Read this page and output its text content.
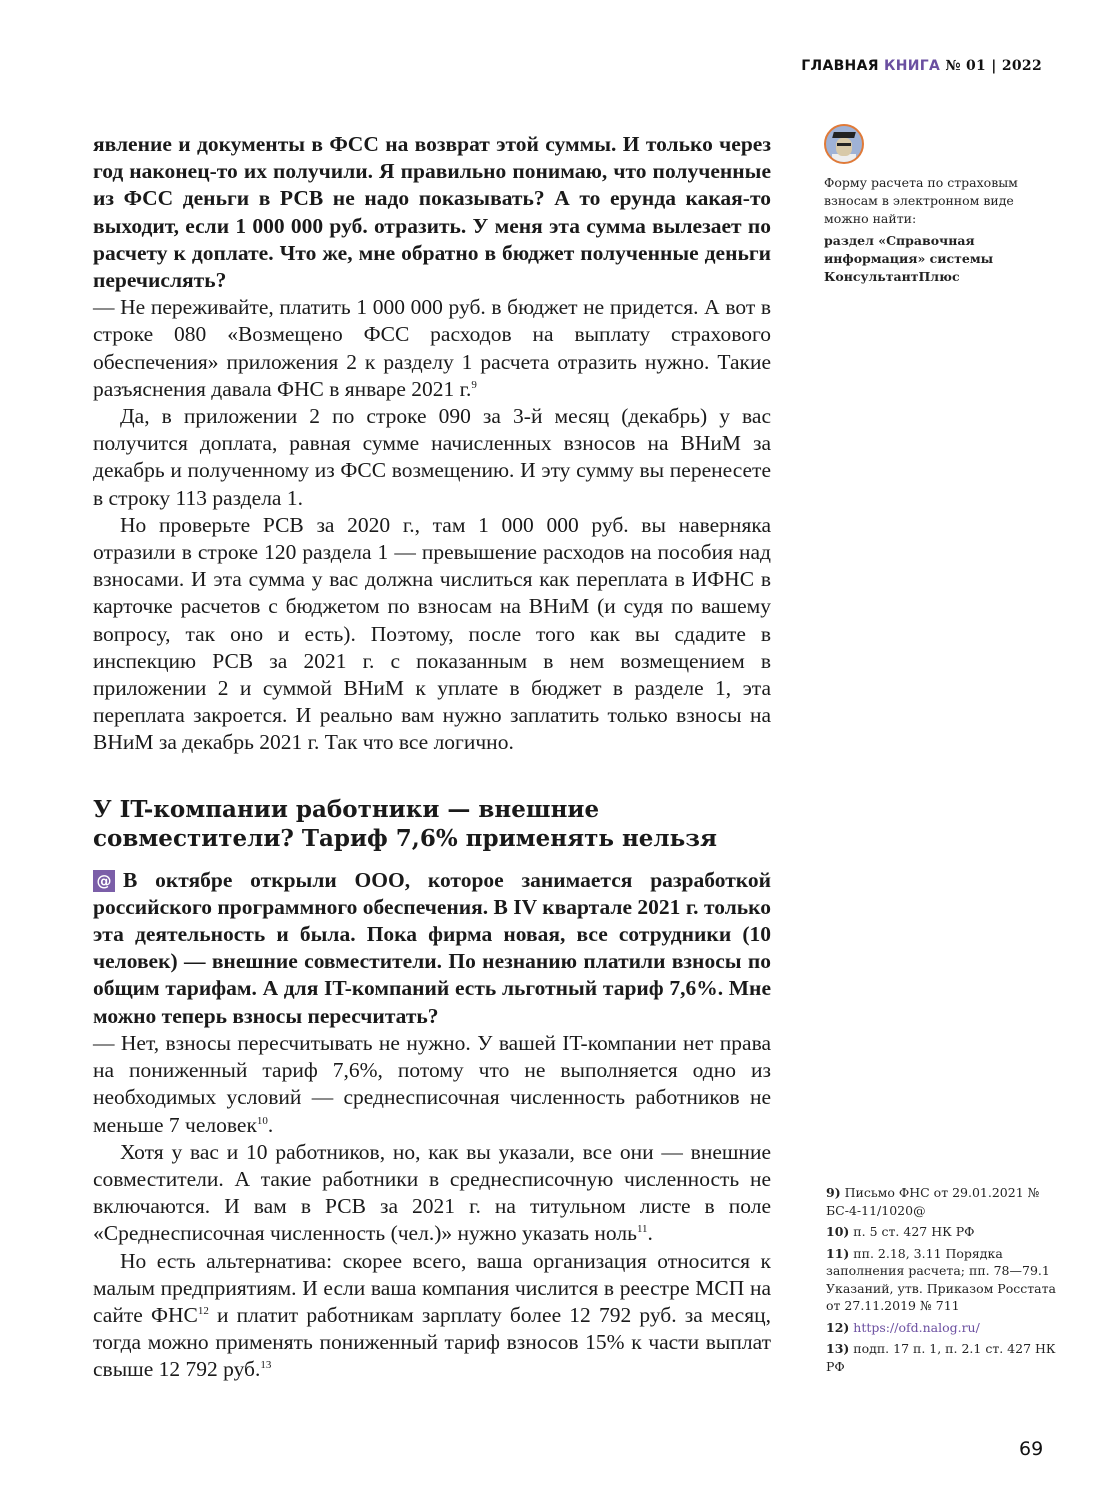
ГЛАВНАЯ КНИГА № 01 | 2022

явление и документы в ФСС на возврат этой суммы. И только через год наконец-то их получили. Я правильно понимаю, что полученные из ФСС деньги в РСВ не надо показывать? А то ерунда какая-то выходит, если 1 000 000 руб. отразить. У меня эта сумма вылезает по расчету к доплате. Что же, мне обратно в бюджет полученные деньги перечислять?

— Не переживайте, платить 1 000 000 руб. в бюджет не придется. А вот в строке 080 «Возмещено ФСС расходов на выплату страхового обеспечения» приложения 2 к разделу 1 расчета отразить нужно. Такие разъяснения давала ФНС в январе 2021 г.$^9$

Да, в приложении 2 по строке 090 за 3-й месяц (декабрь) у вас получится доплата, равная сумме начисленных взносов на ВНиМ за декабрь и полученному из ФСС возмещению. И эту сумму вы перенесете в строку 113 раздела 1.

Но проверьте РСВ за 2020 г., там 1 000 000 руб. вы наверняка отразили в строке 120 раздела 1 — превышение расходов на пособия над взносами. И эта сумма у вас должна числиться как переплата в ИФНС в карточке расчетов с бюджетом по взносам на ВНиМ (и судя по вашему вопросу, так оно и есть). Поэтому, после того как вы сдадите в инспекцию РСВ за 2021 г. с показанным в нем возмещением в приложении 2 и суммой ВНиМ к уплате в бюджет в разделе 1, эта переплата закроется. И реально вам нужно заплатить только взносы на ВНиМ за декабрь 2021 г. Так что все логично.

У IT-компании работники — внешние совместители? Тариф 7,6% применять нельзя

@ В октябре открыли ООО, которое занимается разработкой российского программного обеспечения. В IV квартале 2021 г. только эта деятельность и была. Пока фирма новая, все сотрудники (10 человек) — внешние совместители. По незнанию платили взносы по общим тарифам. А для IT-компаний есть льготный тариф 7,6%. Мне можно теперь взносы пересчитать?

— Нет, взносы пересчитывать не нужно. У вашей IT-компании нет права на пониженный тариф 7,6%, потому что не выполняется одно из необходимых условий — среднесписочная численность работников не меньше 7 человек$^{10}$.

Хотя у вас и 10 работников, но, как вы указали, все они — внешние совместители. А такие работники в среднесписочную численность не включаются. И вам в РСВ за 2021 г. на титульном листе в поле «Среднесписочная численность (чел.)» нужно указать ноль$^{11}$.

Но есть альтернатива: скорее всего, ваша организация относится к малым предприятиям. И если ваша компания числится в реестре МСП на сайте ФНС$^{12}$ и платит работникам зарплату более 12 792 руб. за месяц, тогда можно применять пониженный тариф взносов 15% к части выплат свыше 12 792 руб.$^{13}$

Форму расчета по страховым взносам в электронном виде можно найти:
раздел «Справочная информация» системы КонсультантПлюс
9) Письмо ФНС от 29.01.2021 № БС-4-11/1020@
10) п. 5 ст. 427 НК РФ
11) пп. 2.18, 3.11 Порядка заполнения расчета; пп. 78—79.1 Указаний, утв. Приказом Росстата от 27.11.2019 № 711
12) https://ofd.nalog.ru/
13) подп. 17 п. 1, п. 2.1 ст. 427 НК РФ
69
